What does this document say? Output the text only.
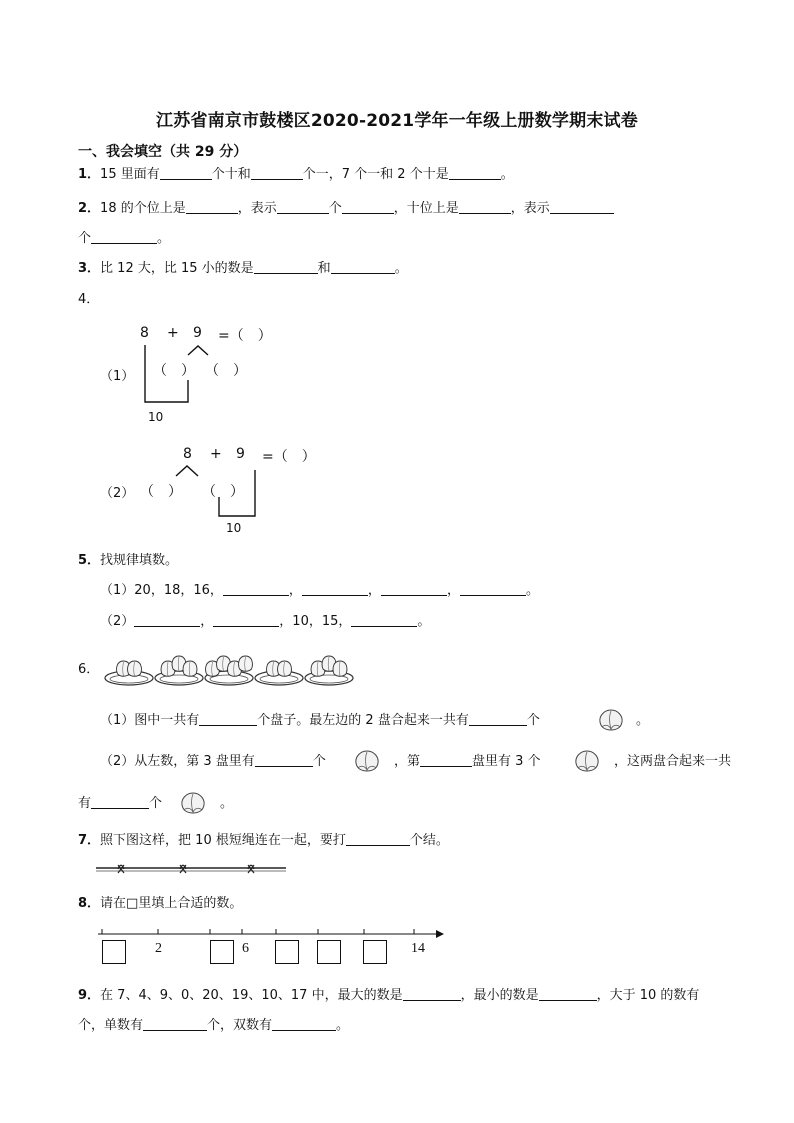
江苏省南京市鼓楼区2020-2021学年一年级上册数学期末试卷
一、我会填空（共 29 分）
1．15 里面有	个十和	个一，7 个一和 2 个十是	。
2．18 的个位上是	，表示	个	，十位上是	，表示
个	。
3．比 12 大，比 15 小的数是	和	。
4．
（1）
8 + 9 =（　）
（　） （　）
10
（2）
8 + 9 =（　）
（　） （　）
10
5．找规律填数。
（1）20，18，16，	，	，	，	。
（2）	，	，10，15，	。
6．
（1）图中一共有	个盘子。最左边的 2 盘合起来一共有	个	。
（2）从左数，第 3 盘里有	个	，第	盘里有 3 个	，这两盘合起来一共
有	个	。
7．照下图这样，把 10 根短绳连在一起，要打	个结。
8．请在□里填上合适的数。
2	6	14
9．在 7、4、9、0、20、19、10、17 中，最大的数是	，最小的数是	，大于 10 的数有
个，单数有	个，双数有	。
